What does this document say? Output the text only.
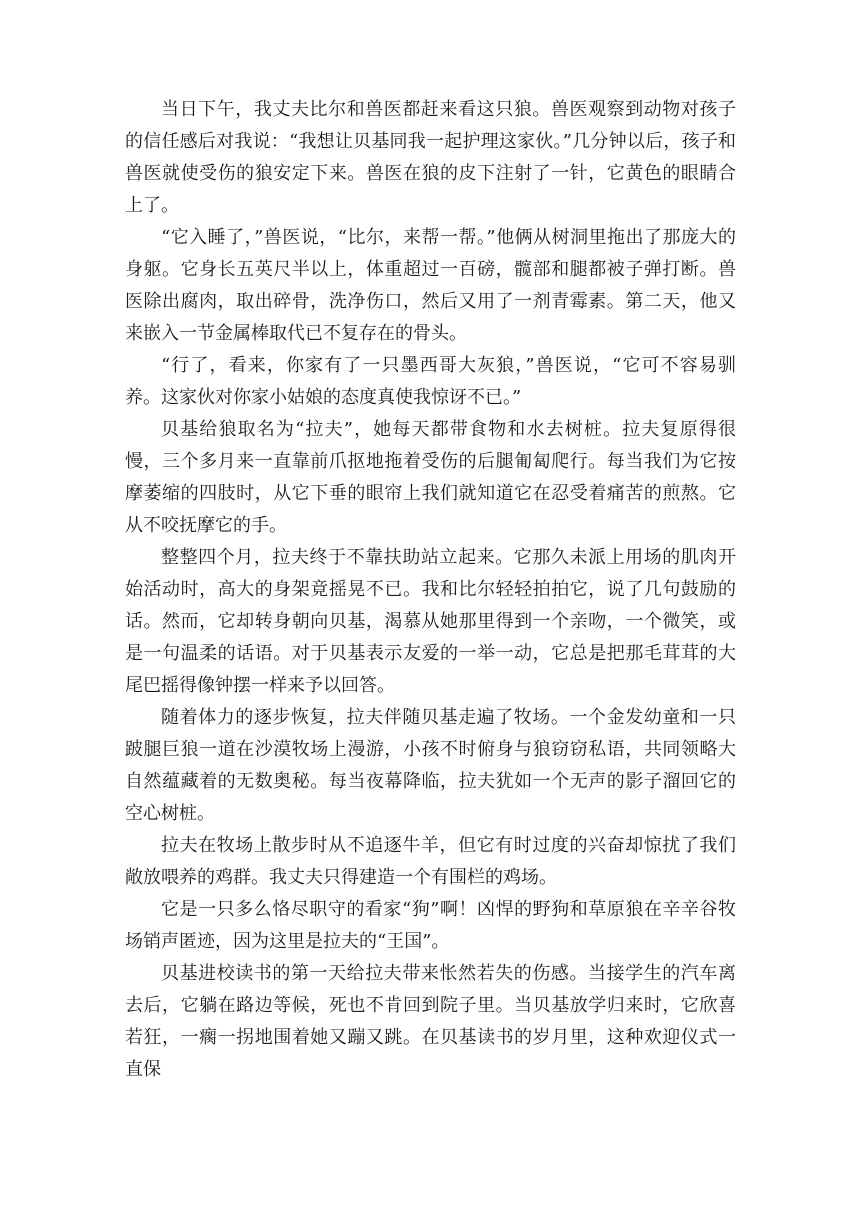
当日下午，我丈夫比尔和兽医都赶来看这只狼。兽医观察到动物对孩子的信任感后对我说：“我想让贝基同我一起护理这家伙。”几分钟以后，孩子和兽医就使受伤的狼安定下来。兽医在狼的皮下注射了一针，它黄色的眼睛合上了。

“它入睡了，”兽医说，“比尔，来帮一帮。”他俩从树洞里拖出了那庞大的身躯。它身长五英尺半以上，体重超过一百磅，髋部和腿都被子弹打断。兽医除出腐肉，取出碎骨，洗净伤口，然后又用了一剂青霉素。第二天，他又来嵌入一节金属棒取代已不复存在的骨头。

“行了，看来，你家有了一只墨西哥大灰狼，”兽医说，“它可不容易驯养。这家伙对你家小姑娘的态度真使我惊讶不已。”

贝基给狼取名为“拉夫”，她每天都带食物和水去树桩。拉夫复原得很慢，三个多月来一直靠前爪抠地拖着受伤的后腿匍匐爬行。每当我们为它按摩萎缩的四肢时，从它下垂的眼帘上我们就知道它在忍受着痛苦的煎熬。它从不咬抚摩它的手。

整整四个月，拉夫终于不靠扶助站立起来。它那久未派上用场的肌肉开始活动时，高大的身架竟摇晃不已。我和比尔轻轻拍拍它，说了几句鼓励的话。然而，它却转身朝向贝基，渴慕从她那里得到一个亲吻，一个微笑，或是一句温柔的话语。对于贝基表示友爱的一举一动，它总是把那毛茸茸的大尾巴摇得像钟摆一样来予以回答。

随着体力的逐步恢复，拉夫伴随贝基走遍了牧场。一个金发幼童和一只跛腿巨狼一道在沙漠牧场上漫游，小孩不时俯身与狼窃窃私语，共同领略大自然蕴藏着的无数奥秘。每当夜幕降临，拉夫犹如一个无声的影子溜回它的空心树桩。

拉夫在牧场上散步时从不追逐牛羊，但它有时过度的兴奋却惊扰了我们敞放喂养的鸡群。我丈夫只得建造一个有围栏的鸡场。

它是一只多么恪尽职守的看家“狗”啊！凶悍的野狗和草原狼在辛辛谷牧场销声匿迹，因为这里是拉夫的“王国”。

贝基进校读书的第一天给拉夫带来怅然若失的伤感。当接学生的汽车离去后，它躺在路边等候，死也不肯回到院子里。当贝基放学归来时，它欣喜若狂，一瘸一拐地围着她又蹦又跳。在贝基读书的岁月里，这种欢迎仪式一直保
